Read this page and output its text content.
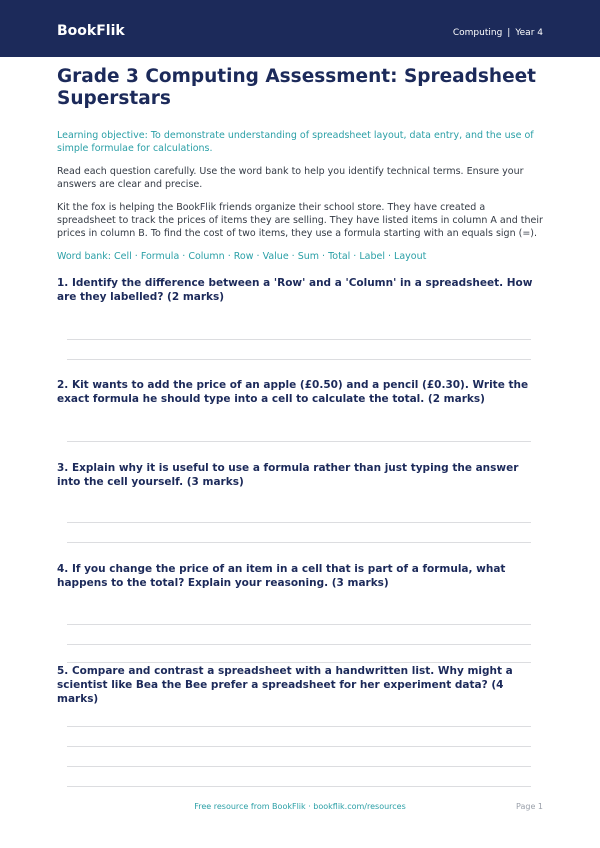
BookFlik	Computing | Year 4
Grade 3 Computing Assessment: Spreadsheet Superstars
Learning objective: To demonstrate understanding of spreadsheet layout, data entry, and the use of simple formulae for calculations.
Read each question carefully. Use the word bank to help you identify technical terms. Ensure your answers are clear and precise.
Kit the fox is helping the BookFlik friends organize their school store. They have created a spreadsheet to track the prices of items they are selling. They have listed items in column A and their prices in column B. To find the cost of two items, they use a formula starting with an equals sign (=).
Word bank: Cell · Formula · Column · Row · Value · Sum · Total · Label · Layout
1. Identify the difference between a 'Row' and a 'Column' in a spreadsheet. How are they labelled? (2 marks)
2. Kit wants to add the price of an apple (£0.50) and a pencil (£0.30). Write the exact formula he should type into a cell to calculate the total. (2 marks)
3. Explain why it is useful to use a formula rather than just typing the answer into the cell yourself. (3 marks)
4. If you change the price of an item in a cell that is part of a formula, what happens to the total? Explain your reasoning. (3 marks)
5. Compare and contrast a spreadsheet with a handwritten list. Why might a scientist like Bea the Bee prefer a spreadsheet for her experiment data? (4 marks)
Free resource from BookFlik · bookflik.com/resources	Page 1
